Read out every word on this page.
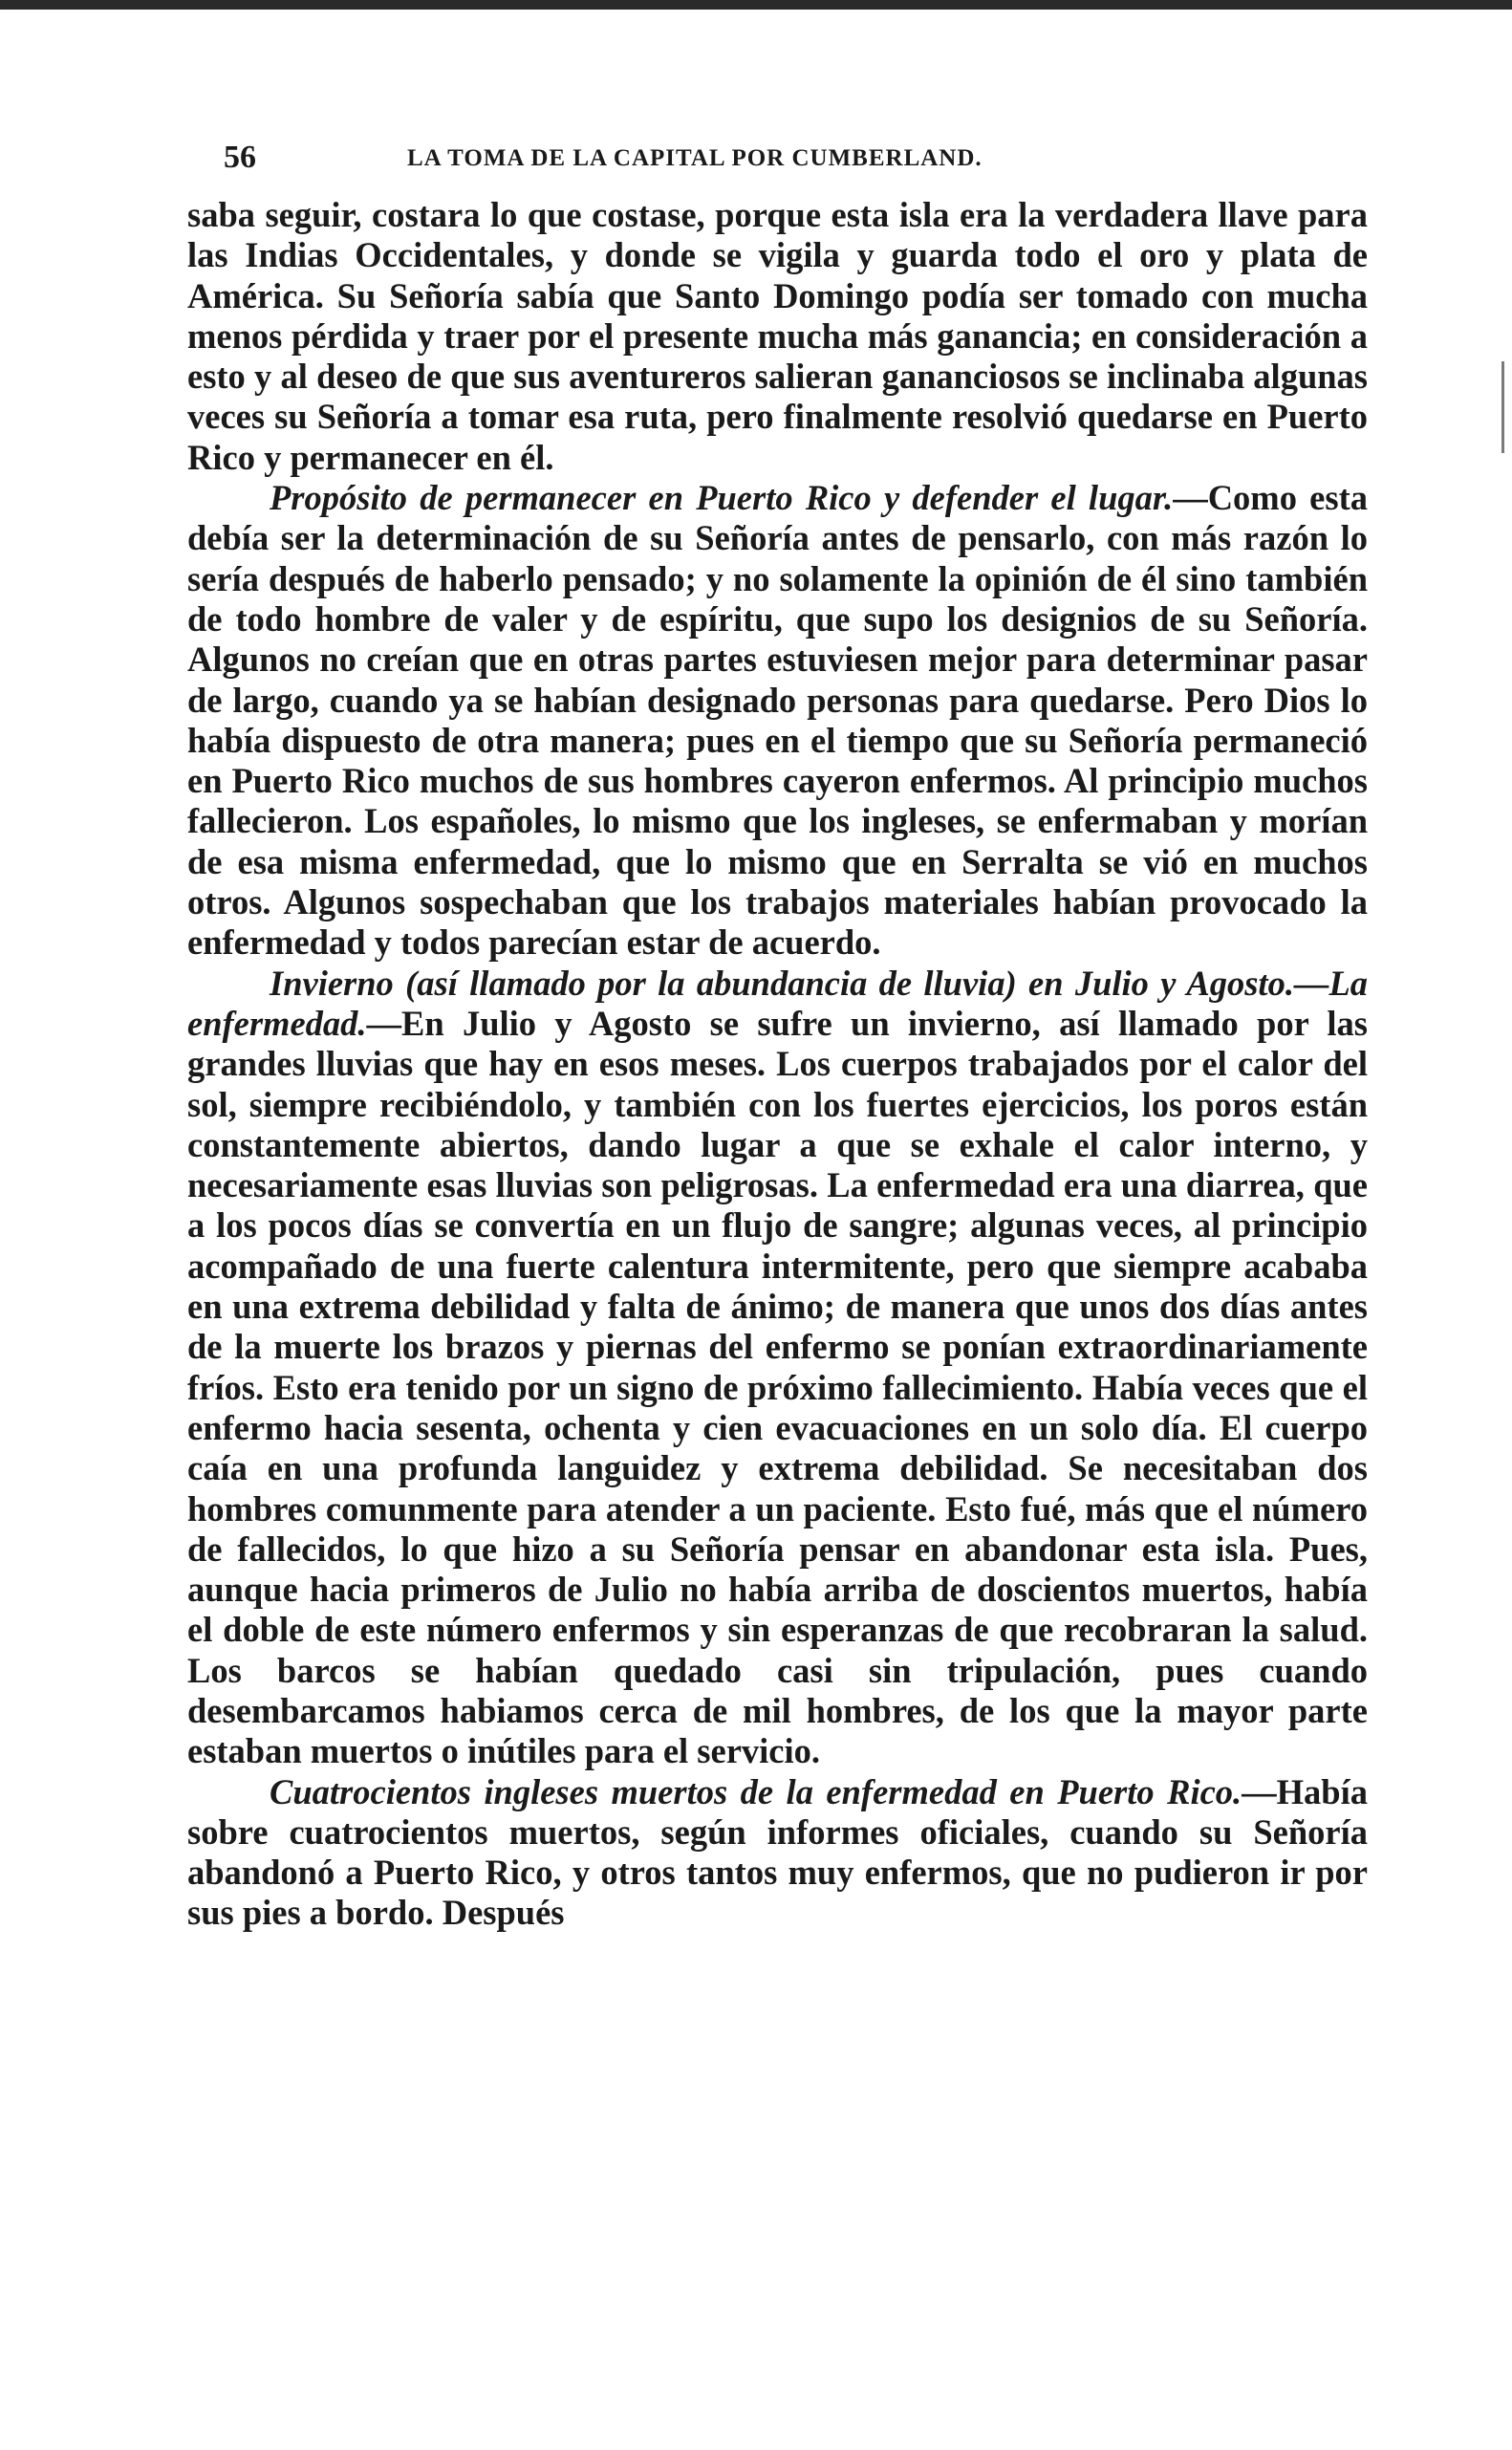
56	LA TOMA DE LA CAPITAL POR CUMBERLAND.

saba seguir, costara lo que costase, porque esta isla era la verdadera llave para las Indias Occidentales, y donde se vigila y guarda todo el oro y plata de América. Su Señoría sabía que Santo Domingo podía ser tomado con mucha menos pérdida y traer por el presente mucha más ganancia; en consideración a esto y al deseo de que sus aventureros salieran gananciosos se inclinaba algunas veces su Señoría a tomar esa ruta, pero finalmente resolvió quedarse en Puerto Rico y permanecer en él.

Propósito de permanecer en Puerto Rico y defender el lugar.—Como esta debía ser la determinación de su Señoría antes de pensarlo, con más razón lo sería después de haberlo pensado; y no solamente la opinión de él sino también de todo hombre de valer y de espíritu, que supo los designios de su Señoría. Algunos no creían que en otras partes estuviesen mejor para determinar pasar de largo, cuando ya se habían designado personas para quedarse. Pero Dios lo había dispuesto de otra manera; pues en el tiempo que su Señoría permaneció en Puerto Rico muchos de sus hombres cayeron enfermos. Al principio muchos fallecieron. Los españoles, lo mismo que los ingleses, se enfermaban y morían de esa misma enfermedad, que lo mismo que en Serralta se vió en muchos otros. Algunos sospechaban que los trabajos materiales habían provocado la enfermedad y todos parecían estar de acuerdo.

Invierno (así llamado por la abundancia de lluvia) en Julio y Agosto.—La enfermedad.—En Julio y Agosto se sufre un invierno, así llamado por las grandes lluvias que hay en esos meses. Los cuerpos trabajados por el calor del sol, siempre recibiéndolo, y también con los fuertes ejercicios, los poros están constantemente abiertos, dando lugar a que se exhale el calor interno, y necesariamente esas lluvias son peligrosas. La enfermedad era una diarrea, que a los pocos días se convertía en un flujo de sangre; algunas veces, al principio acompañado de una fuerte calentura intermitente, pero que siempre acababa en una extrema debilidad y falta de ánimo; de manera que unos dos días antes de la muerte los brazos y piernas del enfermo se ponían extraordinariamente fríos. Esto era tenido por un signo de próximo fallecimiento. Había veces que el enfermo hacia sesenta, ochenta y cien evacuaciones en un solo día. El cuerpo caía en una profunda languidez y extrema debilidad. Se necesitaban dos hombres comunmente para atender a un paciente. Esto fué, más que el número de fallecidos, lo que hizo a su Señoría pensar en abandonar esta isla. Pues, aunque hacia primeros de Julio no había arriba de doscientos muertos, había el doble de este número enfermos y sin esperanzas de que recobraran la salud. Los barcos se habían quedado casi sin tripulación, pues cuando desembarcamos habiamos cerca de mil hombres, de los que la mayor parte estaban muertos o inútiles para el servicio.

Cuatrocientos ingleses muertos de la enfermedad en Puerto Rico.—Había sobre cuatrocientos muertos, según informes oficiales, cuando su Señoría abandonó a Puerto Rico, y otros tantos muy enfermos, que no pudieron ir por sus pies a bordo. Después
